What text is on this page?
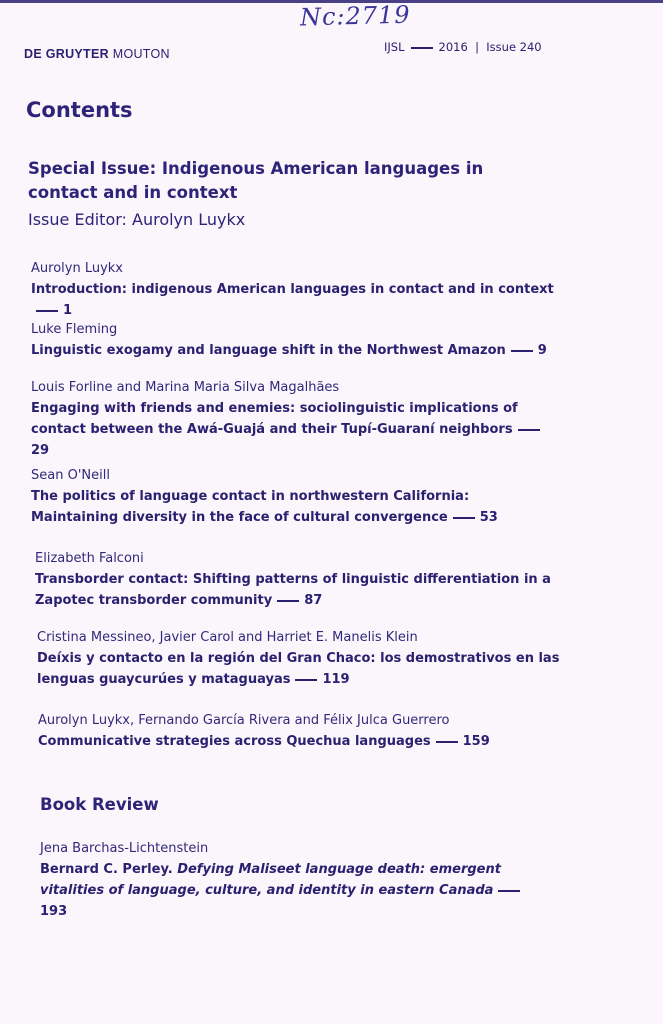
Nc:2719
DE GRUYTER MOUTON	IJSL	2016  |  Issue 240
Contents
Special Issue: Indigenous American languages in contact and in context
Issue Editor: Aurolyn Luykx
Aurolyn Luykx
Introduction: indigenous American languages in contact and in context1
Luke Fleming
Linguistic exogamy and language shift in the Northwest Amazon 9
Louis Forline and Marina Maria Silva Magalhães
Engaging with friends and enemies: sociolinguistic implications of contact between the Awá-Guajá and their Tupí-Guaraní neighbors29
Sean O'Neill
The politics of language contact in northwestern California: Maintaining diversity in the face of cultural convergence 53
Elizabeth Falconi
Transborder contact: Shifting patterns of linguistic differentiation in a Zapotec transborder community 87
Cristina Messineo, Javier Carol and Harriet E. Manelis Klein
Deíxis y contacto en la región del Gran Chaco: los demostrativos en las lenguas guaycurúes y mataguayas 119
Aurolyn Luykx, Fernando García Rivera and Félix Julca Guerrero
Communicative strategies across Quechua languages 159
Book Review
Jena Barchas-Lichtenstein
Bernard C. Perley. Defying Maliseet language death: emergent vitalities of language, culture, and identity in eastern Canada193
